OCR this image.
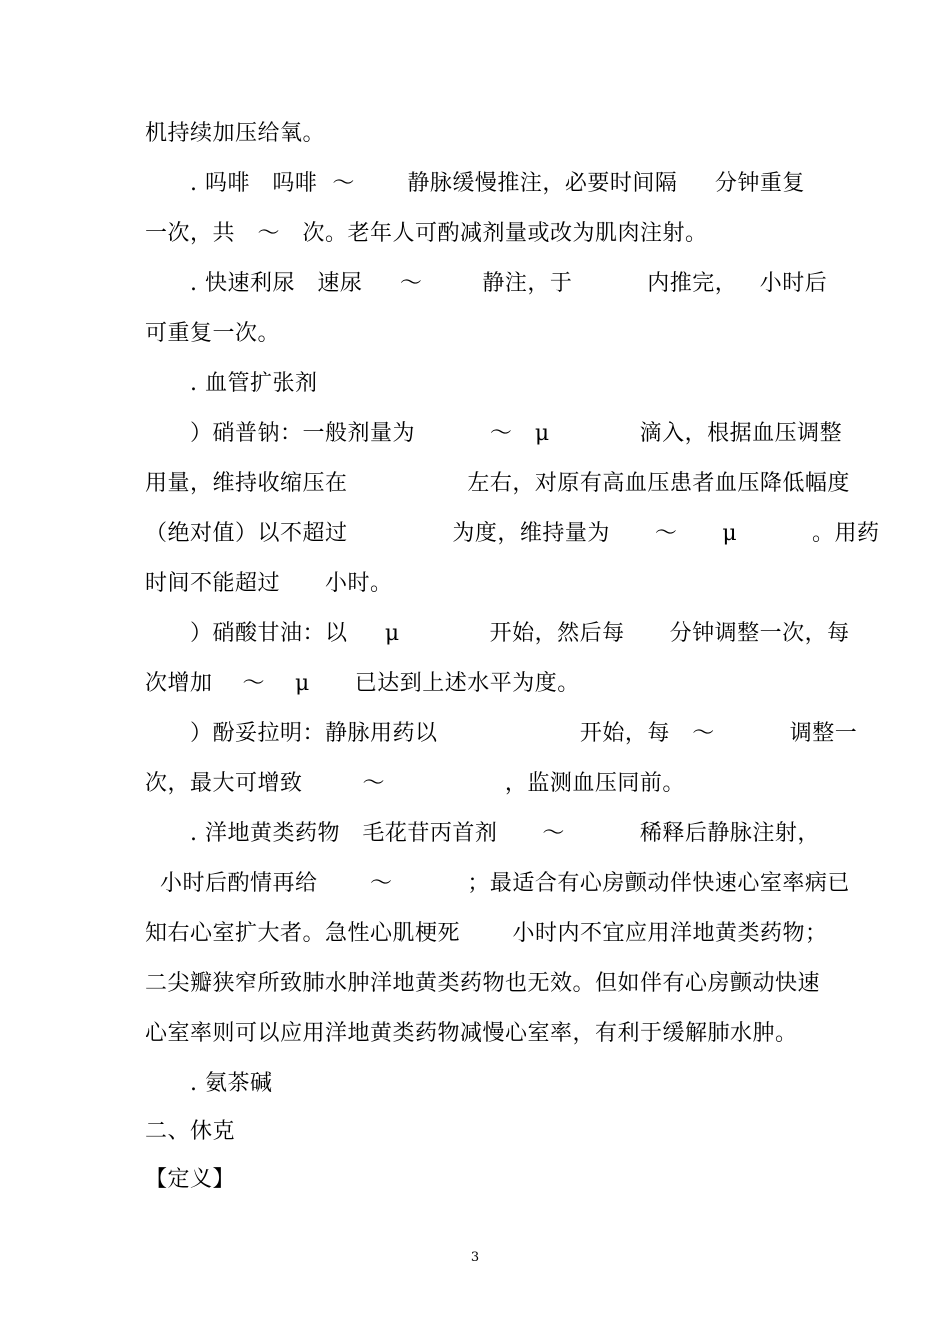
机持续加压给氧。
. 吗啡   吗啡  ～       静脉缓慢推注，必要时间隔     分钟重复
一次，共   ～   次。老年人可酌减剂量或改为肌肉注射。
. 快速利尿   速尿     ～        静注，于          内推完，   小时后
可重复一次。
. 血管扩张剂
）硝普钠：一般剂量为          ～   μ            滴入，根据血压调整
用量，维持收缩压在                左右，对原有高血压患者血压降低幅度
（绝对值）以不超过              为度，维持量为      ～      μ          。用药
时间不能超过      小时。
）硝酸甘油：以     μ            开始，然后每      分钟调整一次，每
次增加    ～    μ      已达到上述水平为度。
）酚妥拉明：静脉用药以                   开始，每   ～          调整一
次，最大可增致        ～                ，监测血压同前。
. 洋地黄类药物   毛花苷丙首剂      ～          稀释后静脉注射，
小时后酌情再给       ～          ；最适合有心房颤动伴快速心室率病已
知右心室扩大者。急性心肌梗死       小时内不宜应用洋地黄类药物；
二尖瓣狭窄所致肺水肿洋地黄类药物也无效。但如伴有心房颤动快速
心室率则可以应用洋地黄类药物减慢心室率，有利于缓解肺水肿。
. 氨茶碱
二、休克
【定义】
3
